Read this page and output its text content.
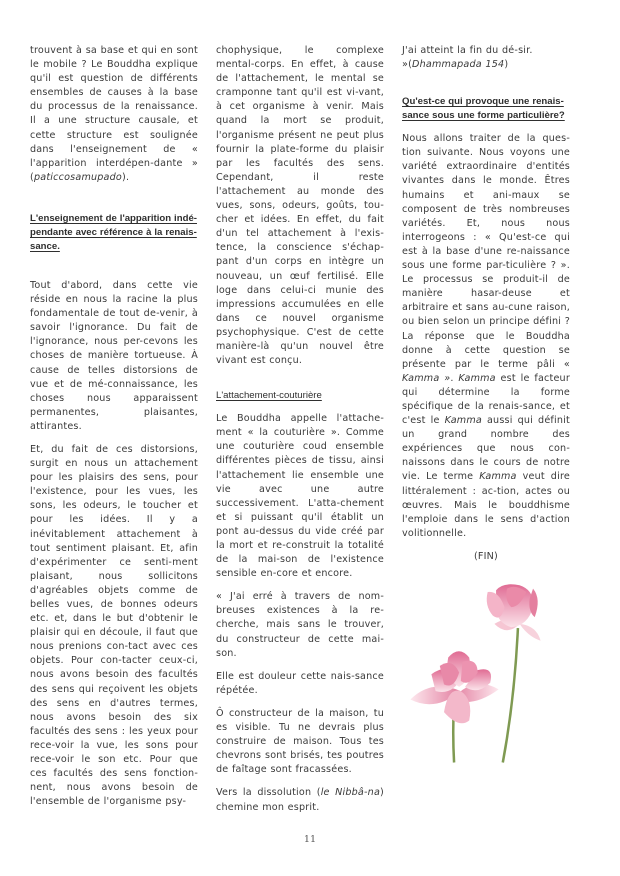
trouvent à sa base et qui en sont le mobile ? Le Bouddha explique qu'il est question de différents ensembles de causes à la base du processus de la renaissance. Il a une structure causale, et cette structure est soulignée dans l'enseignement de « l'apparition interdépen-dante » (paticcosamupado).

L'enseignement de l'apparition indé-pendante avec référence à la renais-sance.

Tout d'abord, dans cette vie réside en nous la racine la plus fondamentale de tout de-venir, à savoir l'ignorance. Du fait de l'ignorance, nous per-cevons les choses de manière tortueuse. À cause de telles distorsions de vue et de mé-connaissance, les choses nous apparaissent permanentes, plaisantes, attirantes.

Et, du fait de ces distorsions, surgit en nous un attachement pour les plaisirs des sens, pour l'existence, pour les vues, les sons, les odeurs, le toucher et pour les idées. Il y a inévitablement attachement à tout sentiment plaisant. Et, afin d'expérimenter ce senti-ment plaisant, nous sollicitons d'agréables objets comme de belles vues, de bonnes odeurs etc. et, dans le but d'obtenir le plaisir qui en découle, il faut que nous prenions con-tact avec ces objets. Pour con-tacter ceux-ci, nous avons besoin des facultés des sens qui reçoivent les objets des sens en d'autres termes, nous avons besoin des six facultés des sens : les yeux pour rece-voir la vue, les sons pour rece-voir le son etc. Pour que ces facultés des sens fonction-nent, nous avons besoin de l'ensemble de l'organisme psy-

chophysique, le complexe mental-corps. En effet, à cause de l'attachement, le mental se cramponne tant qu'il est vi-vant, à cet organisme à venir. Mais quand la mort se produit, l'organisme présent ne peut plus fournir la plate-forme du plaisir par les facultés des sens. Cependant, il reste l'attachement au monde des vues, sons, odeurs, goûts, tou-cher et idées. En effet, du fait d'un tel attachement à l'exis-tence, la conscience s'échap-pant d'un corps en intègre un nouveau, un œuf fertilisé. Elle loge dans celui-ci munie des impressions accumulées en elle dans ce nouvel organisme psychophysique. C'est de cette manière-là qu'un nouvel être vivant est conçu.

L'attachement-couturière

Le Bouddha appelle l'attache-ment « la couturière ». Comme une couturière coud ensemble différentes pièces de tissu, ainsi l'attachement lie ensemble une vie avec une autre successivement. L'atta-chement et si puissant qu'il établit un pont au-dessus du vide créé par la mort et re-construit la totalité de la mai-son de l'existence sensible en-core et encore.

« J'ai erré à travers de nom-breuses existences à la re-cherche, mais sans le trouver, du constructeur de cette mai-son.

Elle est douleur cette nais-sance répétée.

Ô constructeur de la maison, tu es visible. Tu ne devrais plus construire de maison. Tous tes chevrons sont brisés, tes poutres de faîtage sont fracassées.

Vers la dissolution (le Nibbâ-na) chemine mon esprit.

J'ai atteint la fin du dé-sir. »(Dhammapada 154)

Qu'est-ce qui provoque une renais-sance sous une forme particulière?

Nous allons traiter de la ques-tion suivante. Nous voyons une variété extraordinaire d'entités vivantes dans le monde. Êtres humains et ani-maux se composent de très nombreuses variétés. Et, nous nous interrogeons : « Qu'est-ce qui est à la base d'une re-naissance sous une forme par-ticulière ? ». Le processus se produit-il de manière hasar-deuse et arbitraire et sans au-cune raison, ou bien selon un principe défini ? La réponse que le Bouddha donne à cette question se présente par le terme pâli « Kamma ». Kamma est le facteur qui détermine la forme spécifique de la renais-sance, et c'est le Kamma aussi qui définit un grand nombre des expériences que nous con-naissons dans le cours de notre vie. Le terme Kamma veut dire littéralement : ac-tion, actes ou œuvres. Mais le bouddhisme l'emploie dans le sens d'action volitionnelle.

(FIN)

11
